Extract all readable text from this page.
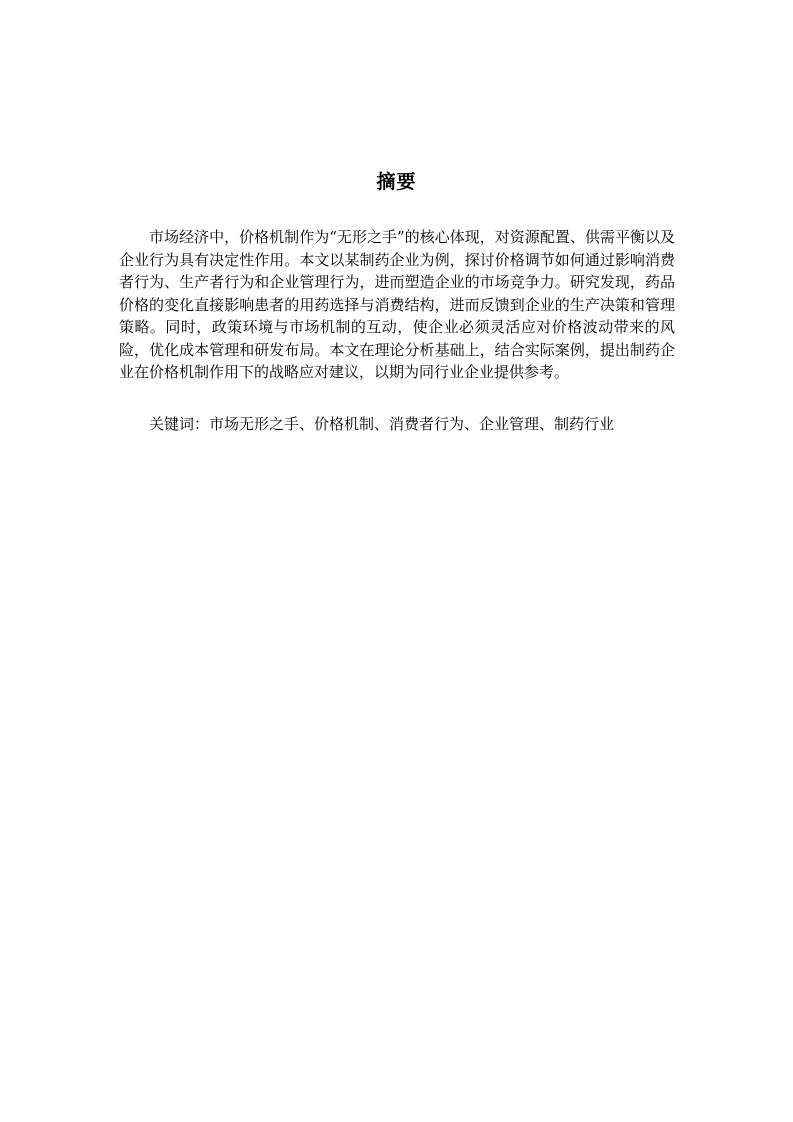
摘要

市场经济中，价格机制作为“无形之手”的核心体现，对资源配置、供需平衡以及企业行为具有决定性作用。本文以某制药企业为例，探讨价格调节如何通过影响消费者行为、生产者行为和企业管理行为，进而塑造企业的市场竞争力。研究发现，药品价格的变化直接影响患者的用药选择与消费结构，进而反馈到企业的生产决策和管理策略。同时，政策环境与市场机制的互动，使企业必须灵活应对价格波动带来的风险，优化成本管理和研发布局。本文在理论分析基础上，结合实际案例，提出制药企业在价格机制作用下的战略应对建议，以期为同行业企业提供参考。

关键词：市场无形之手、价格机制、消费者行为、企业管理、制药行业
